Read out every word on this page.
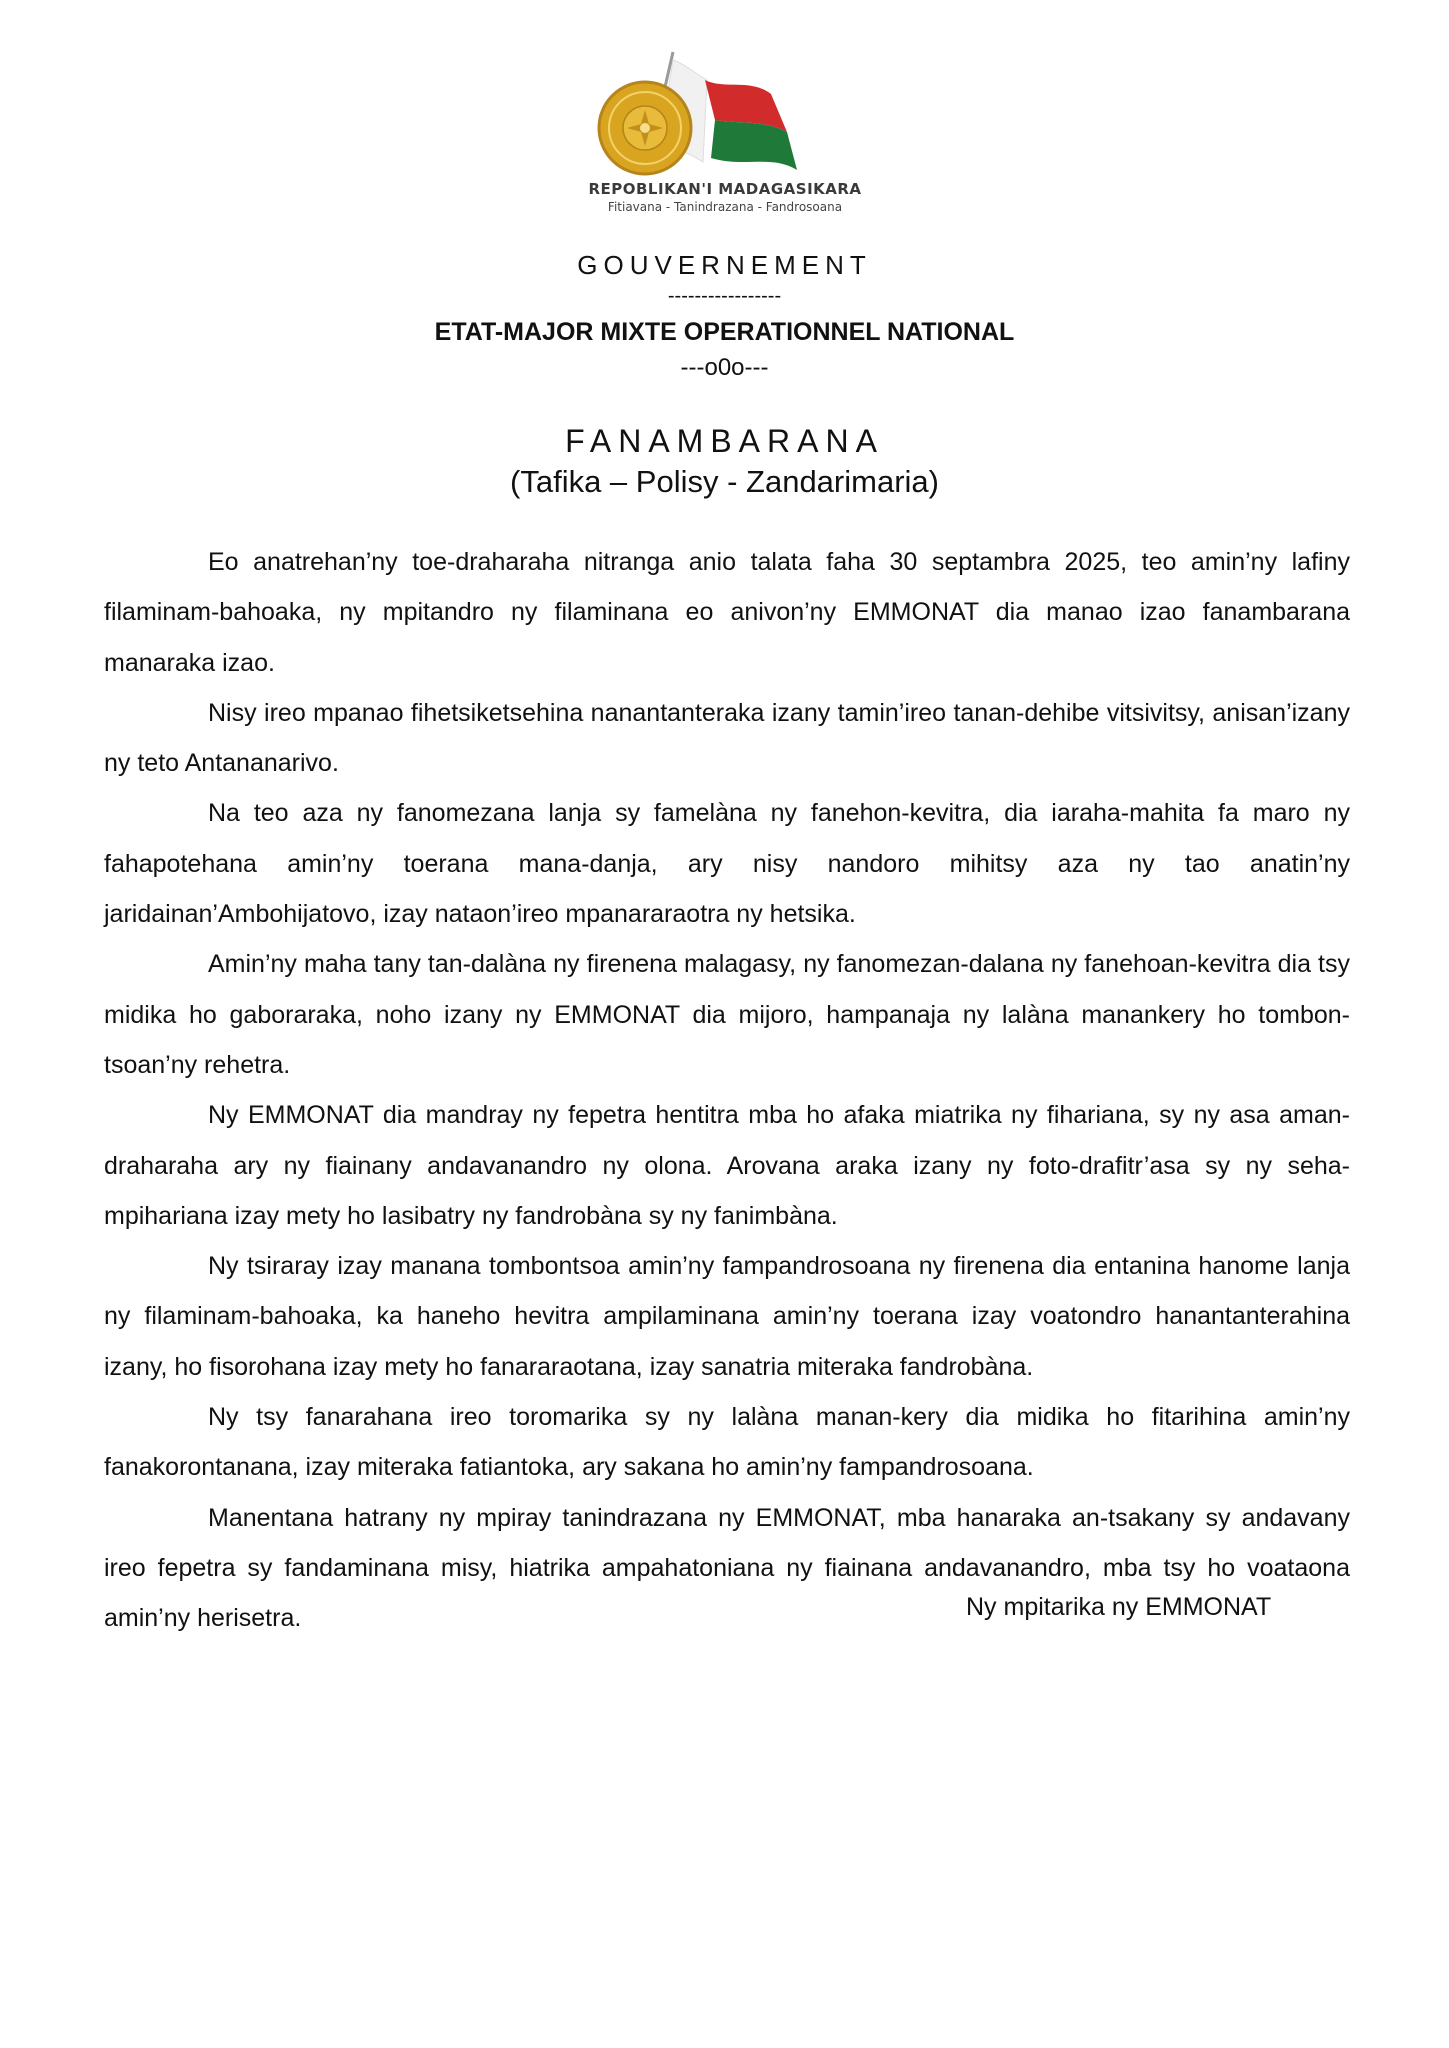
REPOBLIKAN'I MADAGASIKARA
Fitiavana - Tanindrazana - Fandrosoana
GOUVERNEMENT
-----------------
ETAT-MAJOR MIXTE OPERATIONNEL NATIONAL
---o0o---
FANAMBARANA
(Tafika – Polisy - Zandarimaria)

Eo anatrehan’ny toe-draharaha nitranga anio talata faha 30 septambra 2025, teo amin’ny lafiny filaminam-bahoaka, ny mpitandro ny filaminana eo anivon’ny EMMONAT dia manao izao fanambarana manaraka izao.

Nisy ireo mpanao fihetsiketsehina nanantanteraka izany tamin’ireo tanan-dehibe vitsivitsy, anisan’izany ny teto Antananarivo.

Na teo aza ny fanomezana lanja sy famelàna ny fanehon-kevitra, dia iaraha-mahita fa maro ny fahapotehana amin’ny toerana mana-danja, ary nisy nandoro mihitsy aza ny tao anatin’ny jaridainan’Ambohijatovo, izay nataon’ireo mpanararaotra ny hetsika.

Amin’ny maha tany tan-dalàna ny firenena malagasy, ny fanomezan-dalana ny fanehoan-kevitra dia tsy midika ho gaboraraka, noho izany ny EMMONAT dia mijoro, hampanaja ny lalàna manankery ho tombon-tsoan’ny rehetra.

Ny EMMONAT dia mandray ny fepetra hentitra mba ho afaka miatrika ny fihariana, sy ny asa aman-draharaha ary ny fiainany andavanandro ny olona. Arovana araka izany ny foto-drafitr’asa sy ny seha-mpihariana izay mety ho lasibatry ny fandrobàna sy ny fanimbàna.

Ny tsiraray izay manana tombontsoa amin’ny fampandrosoana ny firenena dia entanina hanome lanja ny filaminam-bahoaka, ka haneho hevitra ampilaminana amin’ny toerana izay voatondro hanantanterahina izany, ho fisorohana izay mety ho fanararaotana, izay sanatria miteraka fandrobàna.

Ny tsy fanarahana ireo toromarika sy ny lalàna manan-kery dia midika ho fitarihina amin’ny fanakorontanana, izay miteraka fatiantoka, ary sakana ho amin’ny fampandrosoana.

Manentana hatrany ny mpiray tanindrazana ny EMMONAT, mba hanaraka an-tsakany sy andavany ireo fepetra sy fandaminana misy, hiatrika ampahatoniana ny fiainana andavanandro, mba tsy ho voataona amin’ny herisetra.	Ny mpitarika ny EMMONAT
